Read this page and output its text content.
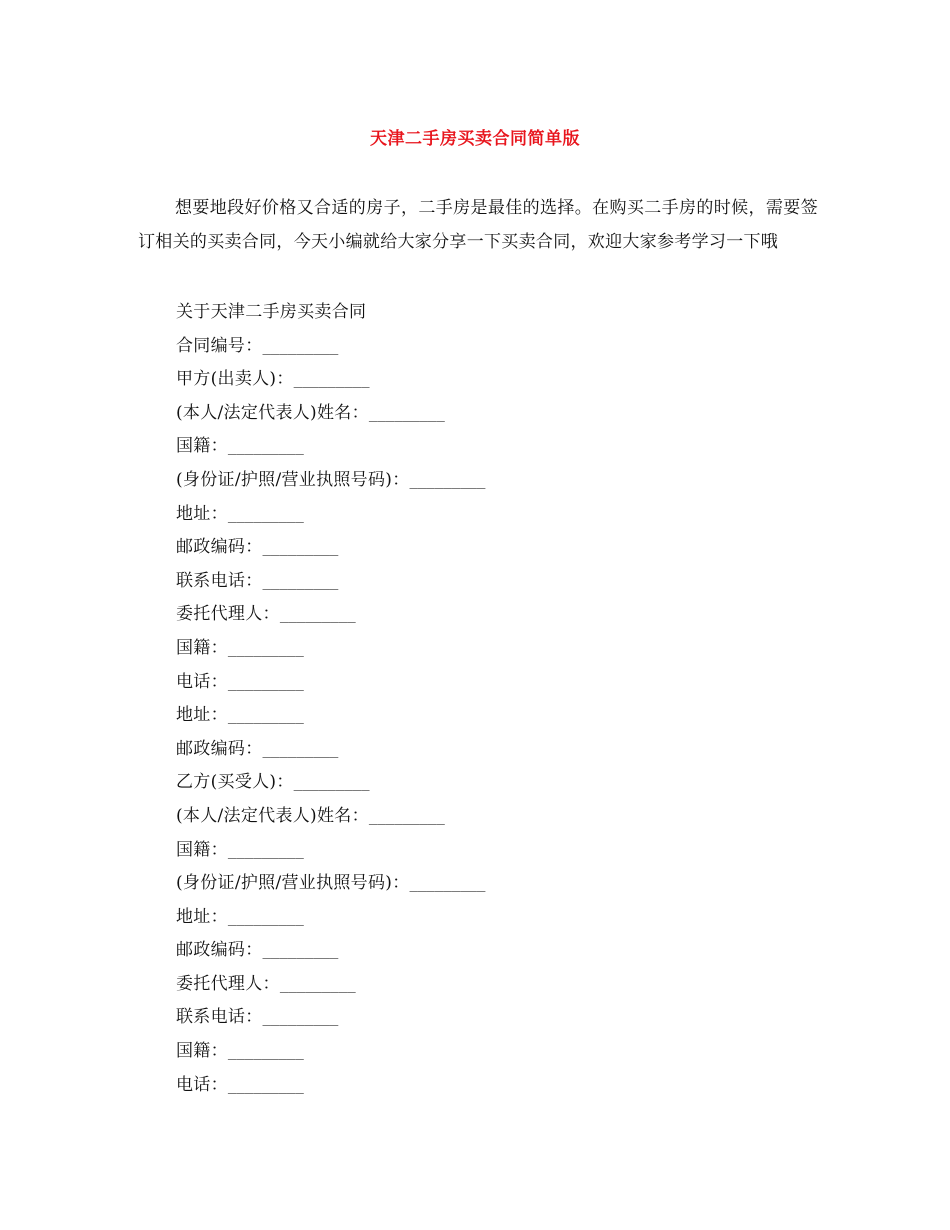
天津二手房买卖合同简单版
想要地段好价格又合适的房子，二手房是最佳的选择。在购买二手房的时候，需要签订相关的买卖合同，今天小编就给大家分享一下买卖合同，欢迎大家参考学习一下哦
关于天津二手房买卖合同
合同编号：_________
甲方(出卖人)：_________
(本人/法定代表人)姓名：_________
国籍：_________
(身份证/护照/营业执照号码)：_________
地址：_________
邮政编码：_________
联系电话：_________
委托代理人：_________
国籍：_________
电话：_________
地址：_________
邮政编码：_________
乙方(买受人)：_________
(本人/法定代表人)姓名：_________
国籍：_________
(身份证/护照/营业执照号码)：_________
地址：_________
邮政编码：_________
委托代理人：_________
联系电话：_________
国籍：_________
电话：_________
